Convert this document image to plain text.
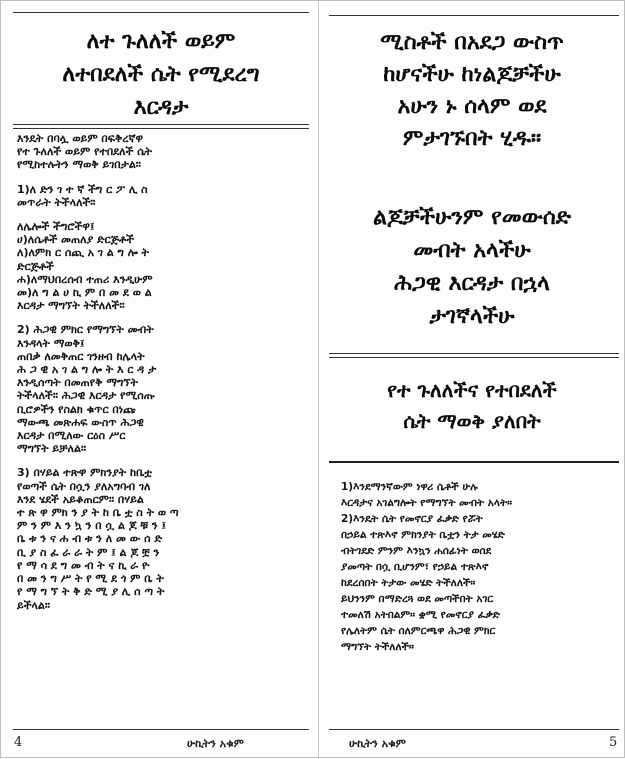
ለተ ጉለለች ወይም
ለተበደለች ሴት የሚደረግ
እርዳታ

እንዴት በባሏ ወይም በፍቅረኛዋ
የተ ጉለለች ወይም የተበደለች ሴት
የሚከተሉትን ማወቅ ይገበታል።

1)ለ ድን ገ ተ ኛ ችግ ር ፖ ሊ ስ
መጥራት ትችላለች።

ለሌሎች ችግሮችዋ፤
ሀ)ለሴቶች መጠለያ ድርጅቶች
ለ)ለምክ ር ሰጪ አ ገ ል ግ ሎ ት
ድርጅቶች
ሐ)ለማህበረሰብ ተጠሪ እንዲሁም
መ)ለ ግ ል ሀ ኪ ም በ መ ደ ወ ል
እርዳታ ማግኘት ትችለለች።

2) ሕጋዊ ምክር የማግኘት መብት
እንዳላት ማወቅ፤
ጠበቃ ለመቅጠር ገንዘብ ከሌላት
ሕ ጋ ዊ አ ገ ል ግ ሎ ት እ ር ዳ ታ
እንዲሰጣት በመጠየቅ ማግኘት
ትችላለች። ሕጋዊ እርዳታ የሚሰጡ
ቢሮዎችን የስልክ ቁጥር በነጩ
ማውጫ መጽሐፍ ውስጥ ሕጋዊ
እርዳታ በሚለው ርዕስ ሥር
ማግኘት ይቻለል።

3) በሃይል ተጽዋ ምክንያት ከቤቷ
የወጣች ሴት በሷን ያለአግባብ ገለ
እንደ ሄደች አይቆጠርም። በሃይል
ተ ጽ ዋ ምክ ን ያ ት ከ ቤ ቷ ስ ት ወ ጣ
ም ን ም እ ን ኳ ን በ ሷ ል ጆ ቹ ን ፤
ቤ ቱ ን ና ሐ ብ ቱ ን ለ መ ው ሰ ድ
ቢ ያ ስ ፈ ራ ራ ት ም ፤ ል ጆ ቿ ን
የ ማ ሳ ደ ግ መ ብ ት ና ኪ ራ ዮ
በ መ ን ግ ሥ ት የ ሚ ደ ጎ ም ቤ ት
የ ማ ግ ኘ ት ቅ ድ ሚ ያ ሊ ሰ ጣ ት
ይችላል።

4	ሁኪትን አቁም
ሚስቶች በአደጋ ውስጥ
ከሆናችሁ ከነልጆቻችሁ
አሁን ኑ ሰላም ወደ
ምታገኙበት ሂዱ።
ልጆቻችሁንም የመውሰድ
መብት አላችሁ
ሕጋዊ እርዳታ በኋላ
ታገኛላችሁ
የተ ጉለለችና የተበደለች
ሴት ማወቅ ያለበት

1)እንደማንኛውም ነዋሪ ሴቶች ሁሉ
እርዳታና አገልግሎት የማግኘት መብት አላት።
2)እንዴት ሴት የመኖርያ ፈቃድ የሯት
በኃይል ተጽእኖ ምክንያት ቤቷን ትታ መሄድ
ብትገደድ ምንም እንኳን ሐሰፊነት ወሰደ
ያመጣት በሷ ቢሆንም፣ የኃይል ተጽእኖ
ከደረሰበት ትታው መሄድ ትችለለች።
ይህንንም በማድረጓ ወደ መጣችበት አገር
ተመለሽ አትበልም። ቋሚ የመኖርያ ፈቃድ
የሌለትም ሴት ሰለምርጫዋ ሕጋዊ ምክር
ማግኘት ትችለለች።

ሁኪትን አቁም	5
